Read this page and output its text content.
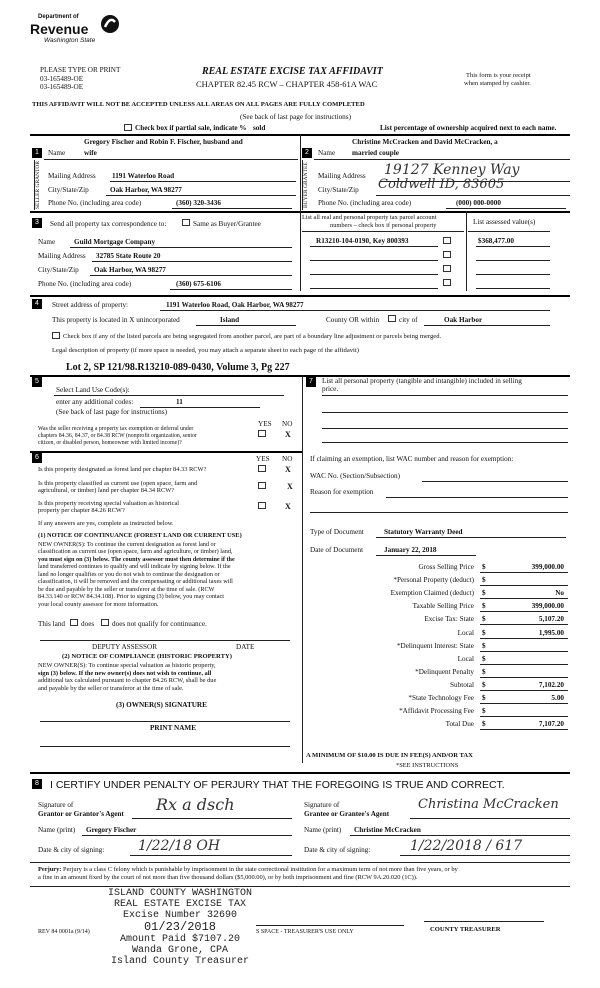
Department of
Revenue
Washington State
PLEASE TYPE OR PRINT
03-165489-OE
03-165489-OE
REAL ESTATE EXCISE TAX AFFIDAVIT
CHAPTER 82.45 RCW – CHAPTER 458-61A WAC
This form is your receipt
when stamped by cashier.
THIS AFFIDAVIT WILL NOT BE ACCEPTED UNLESS ALL AREAS ON ALL PAGES ARE FULLY COMPLETED
(See back of last page for instructions)
Check box if partial sale, indicate % sold	List percentage of ownership acquired next to each name.
1	2
Gregory Fischer and Robin F. Fischer, husband and
Name	wife
SELLER GRANTOR Mailing Address 1191 Waterloo Road
City/State/Zip	Oak Harbor, WA 98277
Phone No. (including area code)	(360) 320-3436
Christine McCracken and David McCracken, a
Name married couple
BUYER GRANTEE	Mailing Address 19127 Kenney Way
City/State/Zip Coldwell ID, 83605
Phone No. (including area code)	(000) 000-0000
3	Send all property tax correspondence to:	Same as Buyer/Grantee
List all real and personal property tax parcel account
numbers – check box if personal property	List assessed value(s)
Name	Guild Mortgage Company
Mailing Address 32785 State Route 20
City/State/Zip Oak Harbor, WA 98277
Phone No. (including area code)	(360) 675-6106
R13210-104-0190, Key 800393	$368,477.00
4	Street address of property:	1191 Waterloo Road, Oak Harbor, WA 98277
This property is located in X unincorporated	Island	County OR within	city of	Oak Harbor
Check box if any of the listed parcels are being segregated from another parcel, are part of a boundary line adjustment or parcels being merged.
Legal description of property (if more space is needed, you may attach a separate sheet to each page of the affidavit)
Lot 2, SP 121/98.R13210-089-0430, Volume 3, Pg 227
5
Select Land Use Code(s):
enter any additional codes:	11
(See back of last page for instructions)
YES NO
Was the seller receiving a property tax exemption or deferral under
chapters 84.36, 84.37, or 84.38 RCW (nonprofit organization, senior
citizen, or disabled person, homeowner with limited income)?
X
7	List all personal property (tangible and intangible) included in selling
price.
6	YES NO
Is this property designated as forest land per chapter 84.33 RCW?	X
Is this property classified as current use (open space, farm and
agricultural, or timber) land per chapter 84.34 RCW?	X
Is this property receiving special valuation as historical
property per chapter 84.26 RCW?	X
If any answers are yes, complete as instructed below.
(1) NOTICE OF CONTINUANCE (FOREST LAND OR CURRENT USE)
NEW OWNER(S): To continue the current designation as forest land or
classification as current use (open space, farm and agriculture, or timber) land,
you must sign on (3) below. The county assessor must then determine if the
land transferred continues to qualify and will indicate by signing below. If the
land no longer qualifies or you do not wish to continue the designation or
classification, it will be removed and the compensating or additional taxes will
be due and payable by the seller or transferor at the time of sale. (RCW
84.33.140 or RCW 84.34.108). Prior to signing (3) below, you may contact
your local county assessor for more information.
This land does does not qualify for continuance.
DEPUTY ASSESSOR	DATE
(2) NOTICE OF COMPLIANCE (HISTORIC PROPERTY)
NEW OWNER(S): To continue special valuation as historic property,
sign (3) below. If the new owner(s) does not wish to continue, all
additional tax calculated pursuant to chapter 84.26 RCW, shall be due
and payable by the seller or transferor at the time of sale.
(3) OWNER(S) SIGNATURE
PRINT NAME
If claiming an exemption, list WAC number and reason for exemption:
WAC No. (Section/Subsection)
Reason for exemption
Type of Document	Statutory Warranty Deed
Date of Document	January 22, 2018
Gross Selling Price $	399,000.00
*Personal Property (deduct) $
Exemption Claimed (deduct) $	No
Taxable Selling Price $	399,000.00
Excise Tax: State $	5,107.20
Local $	1,995.00
*Delinquent Interest: State $
Local $
*Delinquent Penalty $
Subtotal $	7,102.20
*State Technology Fee $	5.00
*Affidavit Processing Fee $
Total Due $	7,107.20
A MINIMUM OF $10.00 IS DUE IN FEE(S) AND/OR TAX
*SEE INSTRUCTIONS
8 I CERTIFY UNDER PENALTY OF PERJURY THAT THE FOREGOING IS TRUE AND CORRECT.
Signature of
Grantor or Grantor's Agent Rx a dsch
Name (print) Gregory Fischer
Date & city of signing: 1/22/18 OH
Signature of
Grantee or Grantee's Agent
Christina McCracken
Name (print) Christine McCracken
Date & city of signing:	1/22/2018 / 617
Perjury: Perjury is a class C felony which is punishable by imprisonment in the state correctional institution for a maximum term of not more than five years, or by
a fine in an amount fixed by the court of not more than five thousand dollars ($5,000.00), or by both imprisonment and fine (RCW 9A.20.020 (1C)).
ISLAND COUNTY WASHINGTON
REAL ESTATE EXCISE TAX
Excise Number 32690
01/23/2018
Amount Paid $7107.20
Wanda Grone, CPA
Island County Treasurer
REV 84 0001a (9/14)	S SPACE - TREASURER'S USE ONLY	COUNTY TREASURER
